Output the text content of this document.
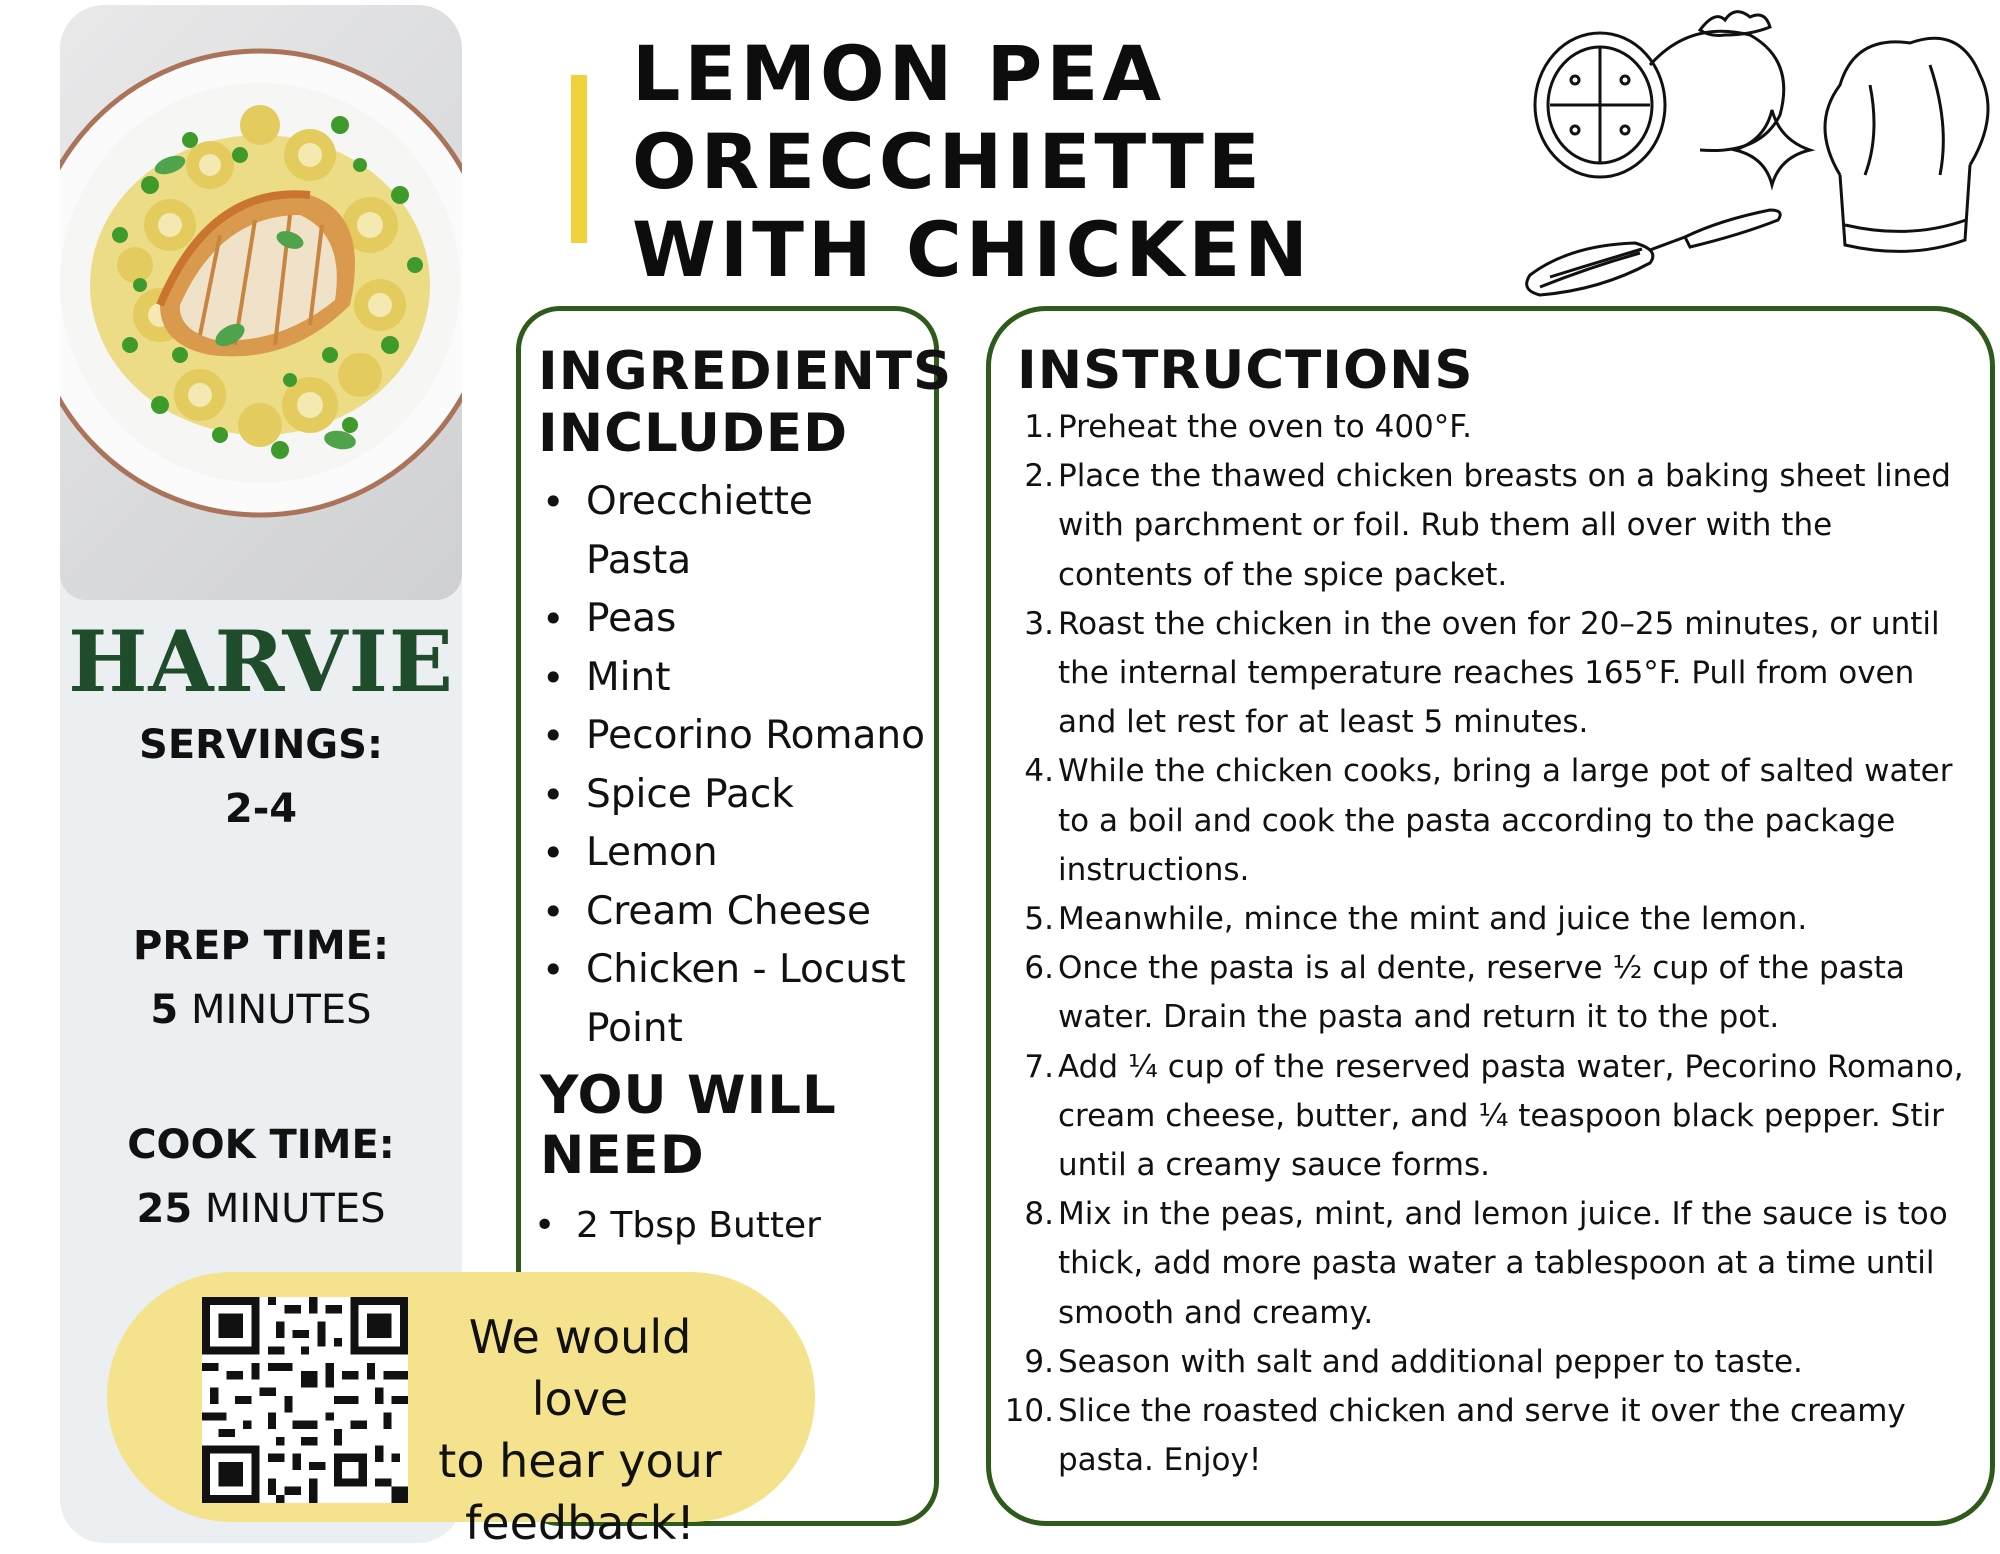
HARVIE
SERVINGS:
2-4
PREP TIME:
5 MINUTES
COOK TIME:
25 MINUTES
LEMON PEA ORECCHIETTE WITH CHICKEN
INGREDIENTS
INCLUDED
• Orecchiette Pasta
• Peas
• Mint
• Pecorino Romano
• Spice Pack
• Lemon
• Cream Cheese
• Chicken - Locust Point
YOU WILL
NEED
• 2 Tbsp Butter
INSTRUCTIONS
1. Preheat the oven to 400°F.
2. Place the thawed chicken breasts on a baking sheet lined with parchment or foil. Rub them all over with the contents of the spice packet.
3. Roast the chicken in the oven for 20–25 minutes, or until the internal temperature reaches 165°F. Pull from oven and let rest for at least 5 minutes.
4. While the chicken cooks, bring a large pot of salted water to a boil and cook the pasta according to the package instructions.
5. Meanwhile, mince the mint and juice the lemon.
6. Once the pasta is al dente, reserve ½ cup of the pasta water. Drain the pasta and return it to the pot.
7. Add ¼ cup of the reserved pasta water, Pecorino Romano, cream cheese, butter, and ¼ teaspoon black pepper. Stir until a creamy sauce forms.
8. Mix in the peas, mint, and lemon juice. If the sauce is too thick, add more pasta water a tablespoon at a time until smooth and creamy.
9. Season with salt and additional pepper to taste.
10. Slice the roasted chicken and serve it over the creamy pasta. Enjoy!
We would love
to hear your
feedback!
